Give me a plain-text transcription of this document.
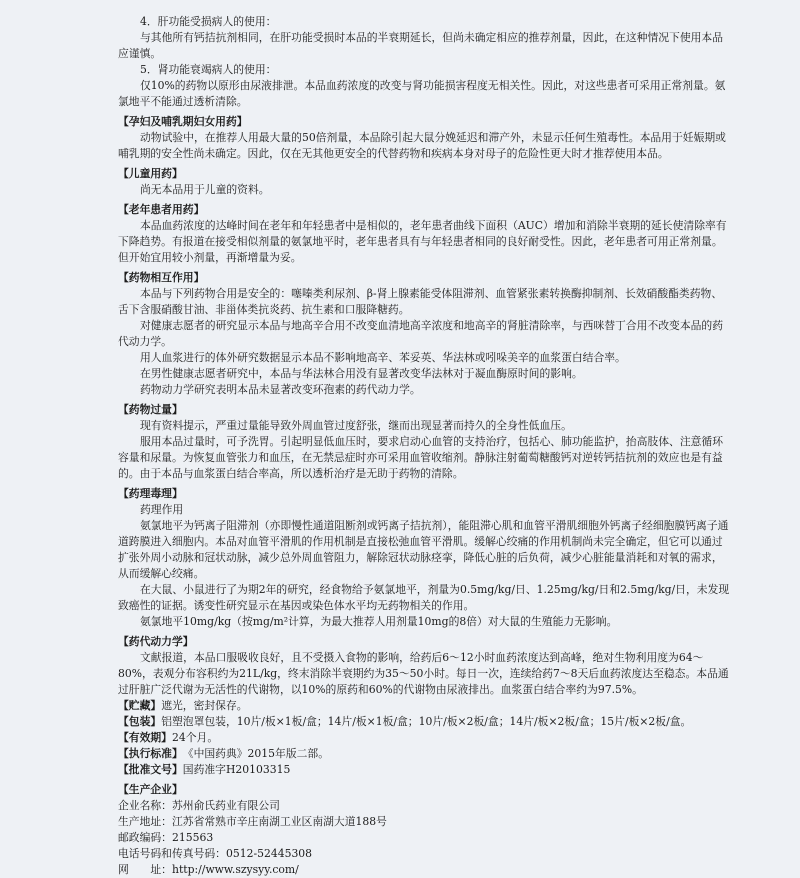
4．肝功能受损病人的使用：

与其他所有钙拮抗剂相同，在肝功能受损时本品的半衰期延长，但尚未确定相应的推荐剂量，因此，在这种情况下使用本品应谨慎。

5．肾功能衰竭病人的使用：

仅10%的药物以原形由尿液排泄。本品血药浓度的改变与肾功能损害程度无相关性。因此，对这些患者可采用正常剂量。氨氯地平不能通过透析清除。

【孕妇及哺乳期妇女用药】

动物试验中，在推荐人用最大量的50倍剂量，本品除引起大鼠分娩延迟和滞产外，未显示任何生殖毒性。本品用于妊娠期或哺乳期的安全性尚未确定。因此，仅在无其他更安全的代替药物和疾病本身对母子的危险性更大时才推荐使用本品。

【儿童用药】

尚无本品用于儿童的资料。

【老年患者用药】

本品血药浓度的达峰时间在老年和年轻患者中是相似的，老年患者曲线下面积（AUC）增加和消除半衰期的延长使清除率有下降趋势。有报道在接受相似剂量的氨氯地平时，老年患者具有与年轻患者相同的良好耐受性。因此，老年患者可用正常剂量。但开始宜用较小剂量，再渐增量为妥。

【药物相互作用】

本品与下列药物合用是安全的：噻嗪类利尿剂、β-肾上腺素能受体阻滞剂、血管紧张素转换酶抑制剂、长效硝酸酯类药物、舌下含服硝酸甘油、非甾体类抗炎药、抗生素和口服降糖药。

对健康志愿者的研究显示本品与地高辛合用不改变血清地高辛浓度和地高辛的肾脏清除率，与西咪替丁合用不改变本品的药代动力学。

用人血浆进行的体外研究数据显示本品不影响地高辛、苯妥英、华法林或吲哚美辛的血浆蛋白结合率。

在男性健康志愿者研究中，本品与华法林合用没有显著改变华法林对于凝血酶原时间的影响。

药物动力学研究表明本品未显著改变环孢素的药代动力学。

【药物过量】

现有资料提示，严重过量能导致外周血管过度舒张，继而出现显著而持久的全身性低血压。

服用本品过量时，可予洗胃。引起明显低血压时，要求启动心血管的支持治疗，包括心、肺功能监护，抬高肢体、注意循环容量和尿量。为恢复血管张力和血压，在无禁忌症时亦可采用血管收缩剂。静脉注射葡萄糖酸钙对逆转钙拮抗剂的效应也是有益的。由于本品与血浆蛋白结合率高，所以透析治疗是无助于药物的清除。

【药理毒理】
药理作用

氨氯地平为钙离子阻滞剂（亦即慢性通道阻断剂或钙离子拮抗剂），能阻滞心肌和血管平滑肌细胞外钙离子经细胞膜钙离子通道跨膜进入细胞内。本品对血管平滑肌的作用机制是直接松弛血管平滑肌。缓解心绞痛的作用机制尚未完全确定，但它可以通过扩张外周小动脉和冠状动脉，减少总外周血管阻力，解除冠状动脉痉挛，降低心脏的后负荷，减少心脏能量消耗和对氧的需求，从而缓解心绞痛。

在大鼠、小鼠进行了为期2年的研究，经食物给予氨氯地平，剂量为0.5mg/kg/日、1.25mg/kg/日和2.5mg/kg/日，未发现致癌性的证据。诱变性研究显示在基因或染色体水平均无药物相关的作用。

氨氯地平10mg/kg（按mg/m²计算，为最大推荐人用剂量10mg的8倍）对大鼠的生殖能力无影响。

【药代动力学】

文献报道，本品口服吸收良好，且不受摄入食物的影响，给药后6～12小时血药浓度达到高峰，绝对生物利用度为64～80%，表观分布容积约为21L/kg，终末消除半衰期约为35～50小时。每日一次，连续给药7～8天后血药浓度达至稳态。本品通过肝脏广泛代谢为无活性的代谢物，以10%的原药和60%的代谢物由尿液排出。血浆蛋白结合率约为97.5%。

【贮藏】遮光，密封保存。
【包装】铝塑泡罩包装，10片/板×1板/盒；14片/板×1板/盒；10片/板×2板/盒；14片/板×2板/盒；15片/板×2板/盒。
【有效期】24个月。
【执行标准】《中国药典》2015年版二部。
【批准文号】国药准字H20103315
【生产企业】
企业名称：苏州俞氏药业有限公司
生产地址：江苏省常熟市辛庄南湖工业区南湖大道188号
邮政编码：215563
电话号码和传真号码：0512-52445308
网　　址：http://www.szysyy.com/
